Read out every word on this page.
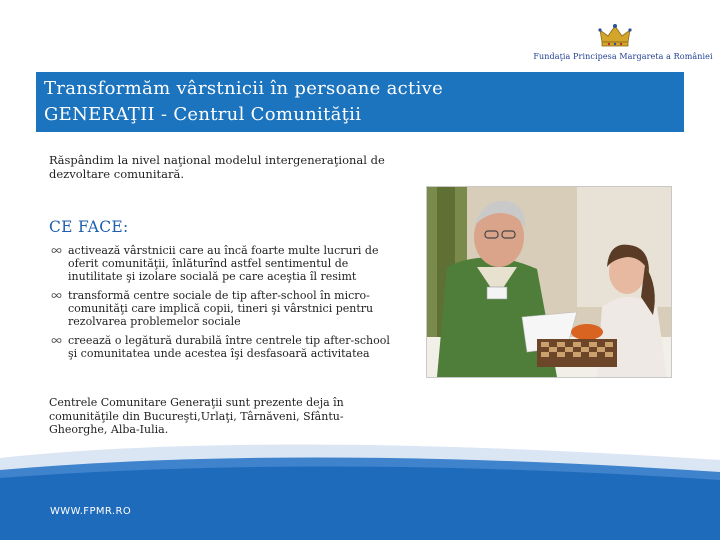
Fundaţia Principesa Margareta a României
Transformăm vârstnicii în persoane active
GENERAŢII - Centrul Comunităţii
Răspândim la nivel naţional modelul intergeneraţional de dezvoltare comunitară.
CE FACE:
activează vârstnicii care au încă foarte multe lucruri de oferit comunităţii, înlăturînd astfel sentimentul de inutilitate şi izolare socială pe care aceştia îl resimt
transformă centre sociale de tip after-school în micro-comunităţi care implică copii, tineri şi vârstnici pentru rezolvarea problemelor sociale
creează o legătură durabilă între centrele tip after-school şi comunitatea unde acestea îşi desfasoară activitatea
Centrele Comunitare Generaţii sunt prezente deja în comunităţile din Bucureşti,Urlaţi, Târnăveni, Sfântu-Gheorghe, Alba-Iulia.
WWW.FPMR.RO
